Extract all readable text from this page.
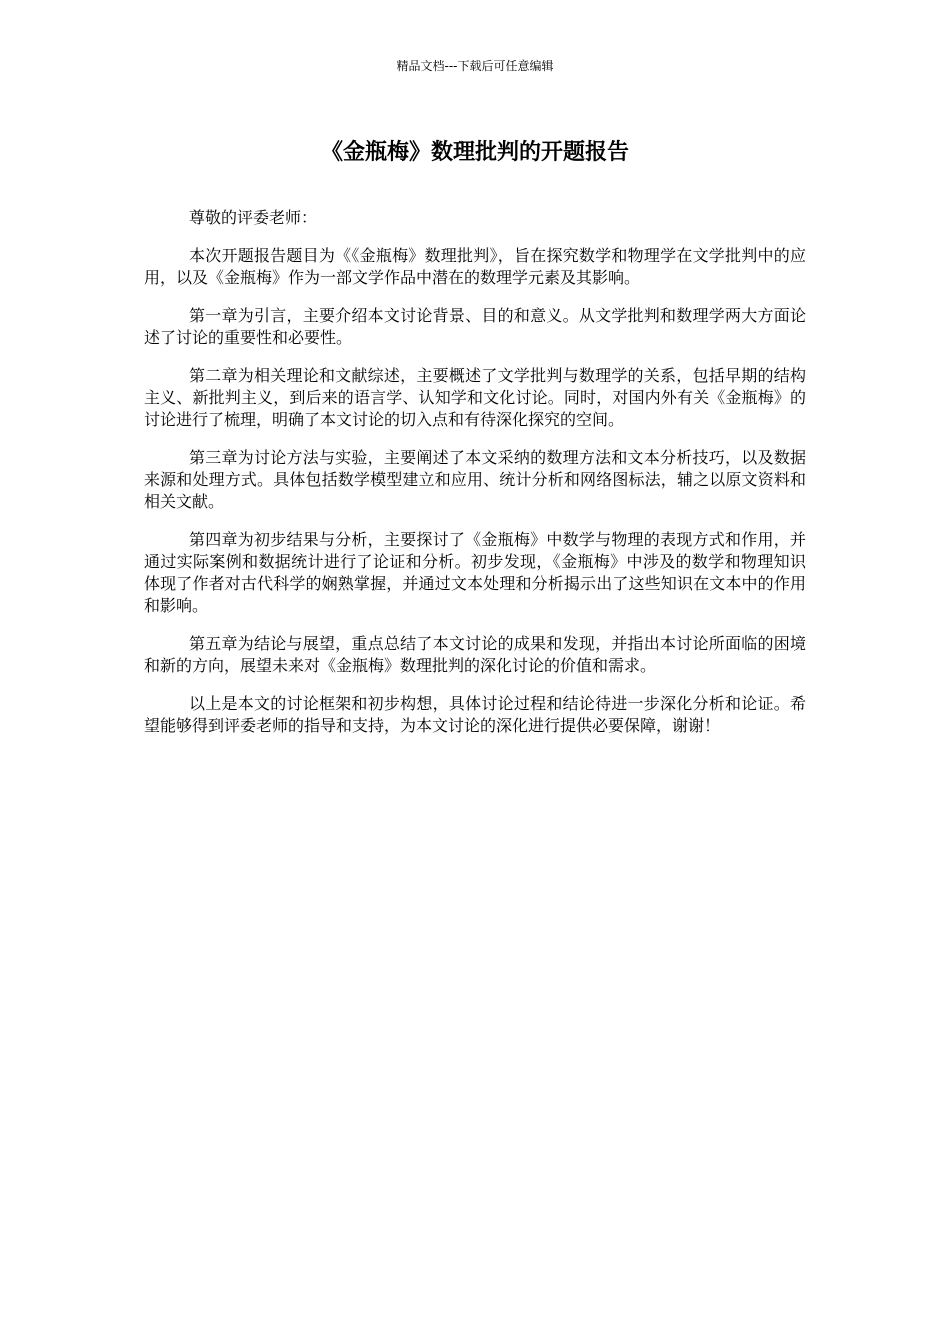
精品文档---下载后可任意编辑
《金瓶梅》数理批判的开题报告

尊敬的评委老师：

本次开题报告题目为《《金瓶梅》数理批判》，旨在探究数学和物理学在文学批判中的应用，以及《金瓶梅》作为一部文学作品中潜在的数理学元素及其影响。

第一章为引言，主要介绍本文讨论背景、目的和意义。从文学批判和数理学两大方面论述了讨论的重要性和必要性。

第二章为相关理论和文献综述，主要概述了文学批判与数理学的关系，包括早期的结构主义、新批判主义，到后来的语言学、认知学和文化讨论。同时，对国内外有关《金瓶梅》的讨论进行了梳理，明确了本文讨论的切入点和有待深化探究的空间。

第三章为讨论方法与实验，主要阐述了本文采纳的数理方法和文本分析技巧，以及数据来源和处理方式。具体包括数学模型建立和应用、统计分析和网络图标法，辅之以原文资料和相关文献。

第四章为初步结果与分析，主要探讨了《金瓶梅》中数学与物理的表现方式和作用，并通过实际案例和数据统计进行了论证和分析。初步发现，《金瓶梅》中涉及的数学和物理知识体现了作者对古代科学的娴熟掌握，并通过文本处理和分析揭示出了这些知识在文本中的作用和影响。

第五章为结论与展望，重点总结了本文讨论的成果和发现，并指出本讨论所面临的困境和新的方向，展望未来对《金瓶梅》数理批判的深化讨论的价值和需求。

以上是本文的讨论框架和初步构想，具体讨论过程和结论待进一步深化分析和论证。希望能够得到评委老师的指导和支持，为本文讨论的深化进行提供必要保障，谢谢！
